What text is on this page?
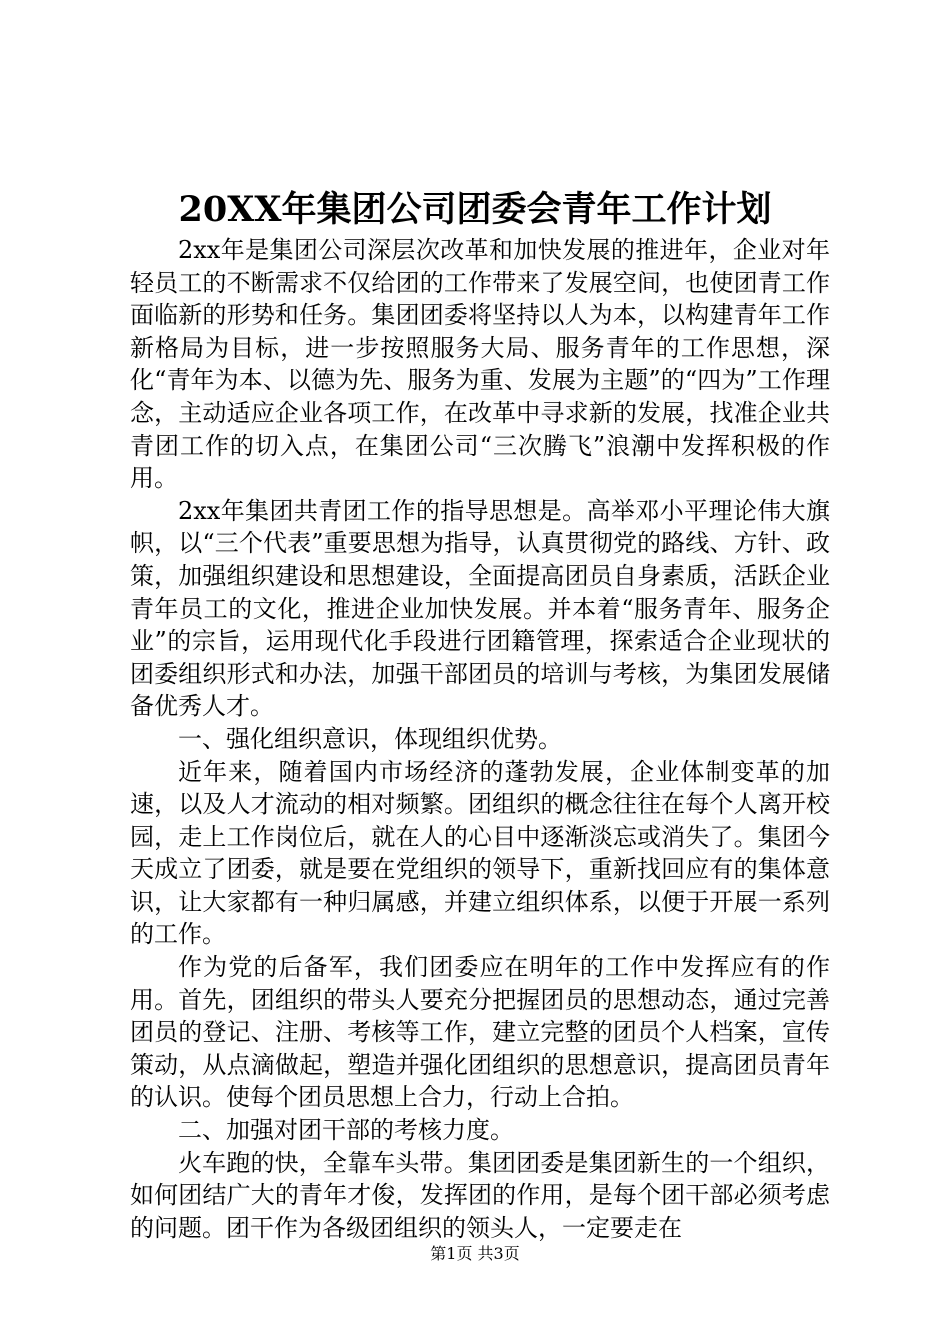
20XX年集团公司团委会青年工作计划

2xx年是集团公司深层次改革和加快发展的推进年，企业对年轻员工的不断需求不仅给团的工作带来了发展空间，也使团青工作面临新的形势和任务。集团团委将坚持以人为本，以构建青年工作新格局为目标，进一步按照服务大局、服务青年的工作思想，深化“青年为本、以德为先、服务为重、发展为主题”的“四为”工作理念，主动适应企业各项工作，在改革中寻求新的发展，找准企业共青团工作的切入点，在集团公司“三次腾飞”浪潮中发挥积极的作用。

2xx年集团共青团工作的指导思想是。高举邓小平理论伟大旗帜，以“三个代表”重要思想为指导，认真贯彻党的路线、方针、政策，加强组织建设和思想建设，全面提高团员自身素质，活跃企业青年员工的文化，推进企业加快发展。并本着“服务青年、服务企业”的宗旨，运用现代化手段进行团籍管理，探索适合企业现状的团委组织形式和办法，加强干部团员的培训与考核，为集团发展储备优秀人才。

一、强化组织意识，体现组织优势。

近年来，随着国内市场经济的蓬勃发展，企业体制变革的加速，以及人才流动的相对频繁。团组织的概念往往在每个人离开校园，走上工作岗位后，就在人的心目中逐渐淡忘或消失了。集团今天成立了团委，就是要在党组织的领导下，重新找回应有的集体意识，让大家都有一种归属感，并建立组织体系，以便于开展一系列的工作。

作为党的后备军，我们团委应在明年的工作中发挥应有的作用。首先，团组织的带头人要充分把握团员的思想动态，通过完善团员的登记、注册、考核等工作，建立完整的团员个人档案，宣传策动，从点滴做起，塑造并强化团组织的思想意识，提高团员青年的认识。使每个团员思想上合力，行动上合拍。

二、加强对团干部的考核力度。

火车跑的快，全靠车头带。集团团委是集团新生的一个组织，如何团结广大的青年才俊，发挥团的作用，是每个团干部必须考虑的问题。团干作为各级团组织的领头人，一定要走在

第1页 共3页
